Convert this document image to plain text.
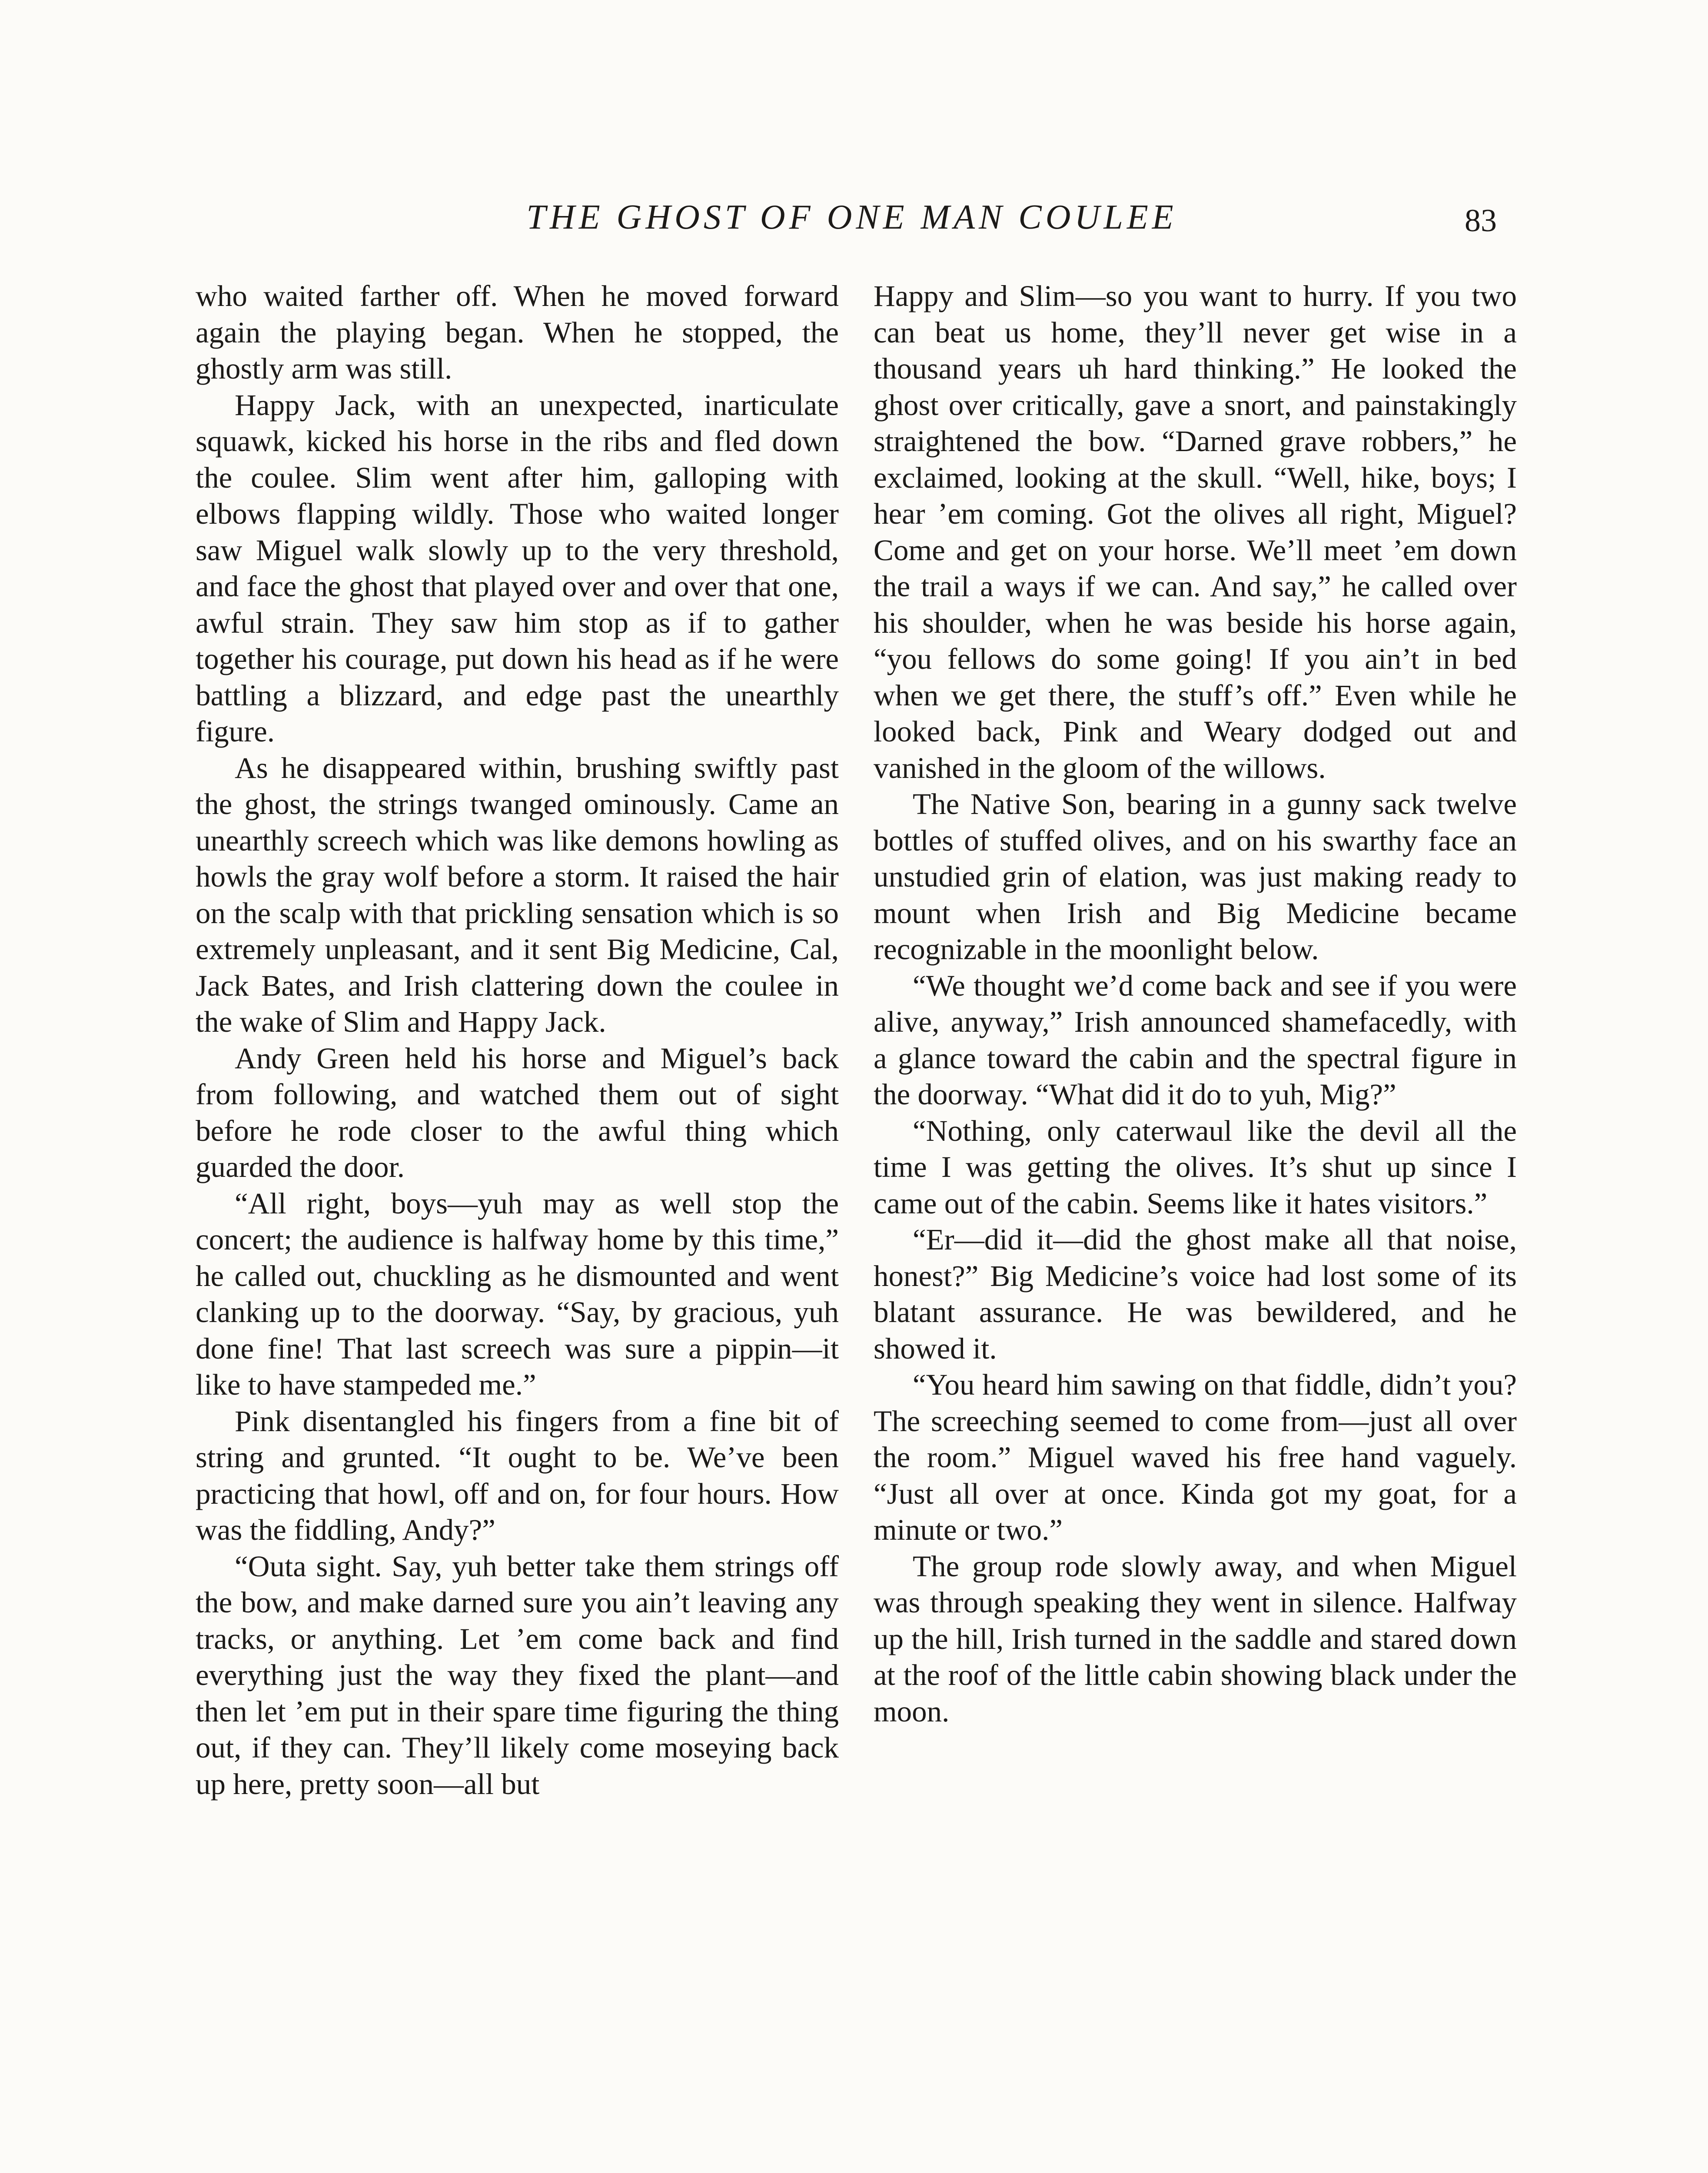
THE GHOST OF ONE MAN COULEE	83

who waited farther off. When he moved forward again the playing began. When he stopped, the ghostly arm was still.

Happy Jack, with an unexpected, inarticulate squawk, kicked his horse in the ribs and fled down the coulee. Slim went after him, galloping with elbows flapping wildly. Those who waited longer saw Miguel walk slowly up to the very threshold, and face the ghost that played over and over that one, awful strain. They saw him stop as if to gather together his courage, put down his head as if he were battling a blizzard, and edge past the unearthly figure.

As he disappeared within, brushing swiftly past the ghost, the strings twanged ominously. Came an unearthly screech which was like demons howling as howls the gray wolf before a storm. It raised the hair on the scalp with that prickling sensation which is so extremely unpleasant, and it sent Big Medicine, Cal, Jack Bates, and Irish clattering down the coulee in the wake of Slim and Happy Jack.

Andy Green held his horse and Miguel’s back from following, and watched them out of sight before he rode closer to the awful thing which guarded the door.

“All right, boys—yuh may as well stop the concert; the audience is halfway home by this time,” he called out, chuckling as he dismounted and went clanking up to the doorway. “Say, by gracious, yuh done fine! That last screech was sure a pippin—it like to have stampeded me.”

Pink disentangled his fingers from a fine bit of string and grunted. “It ought to be. We’ve been practicing that howl, off and on, for four hours. How was the fiddling, Andy?”

“Outa sight. Say, yuh better take them strings off the bow, and make darned sure you ain’t leaving any tracks, or anything. Let ’em come back and find everything just the way they fixed the plant—and then let ’em put in their spare time figuring the thing out, if they can. They’ll likely come moseying back up here, pretty soon—all but

Happy and Slim—so you want to hurry. If you two can beat us home, they’ll never get wise in a thousand years uh hard thinking.” He looked the ghost over critically, gave a snort, and painstakingly straightened the bow. “Darned grave robbers,” he exclaimed, looking at the skull. “Well, hike, boys; I hear ’em coming. Got the olives all right, Miguel? Come and get on your horse. We’ll meet ’em down the trail a ways if we can. And say,” he called over his shoulder, when he was beside his horse again, “you fellows do some going! If you ain’t in bed when we get there, the stuff’s off.” Even while he looked back, Pink and Weary dodged out and vanished in the gloom of the willows.

The Native Son, bearing in a gunny sack twelve bottles of stuffed olives, and on his swarthy face an unstudied grin of elation, was just making ready to mount when Irish and Big Medicine became recognizable in the moonlight below.

“We thought we’d come back and see if you were alive, anyway,” Irish announced shamefacedly, with a glance toward the cabin and the spectral figure in the doorway. “What did it do to yuh, Mig?”

“Nothing, only caterwaul like the devil all the time I was getting the olives. It’s shut up since I came out of the cabin. Seems like it hates visitors.”

“Er—did it—did the ghost make all that noise, honest?” Big Medicine’s voice had lost some of its blatant assurance. He was bewildered, and he showed it.

“You heard him sawing on that fiddle, didn’t you? The screeching seemed to come from—just all over the room.” Miguel waved his free hand vaguely. “Just all over at once. Kinda got my goat, for a minute or two.”

The group rode slowly away, and when Miguel was through speaking they went in silence. Halfway up the hill, Irish turned in the saddle and stared down at the roof of the little cabin showing black under the moon.
